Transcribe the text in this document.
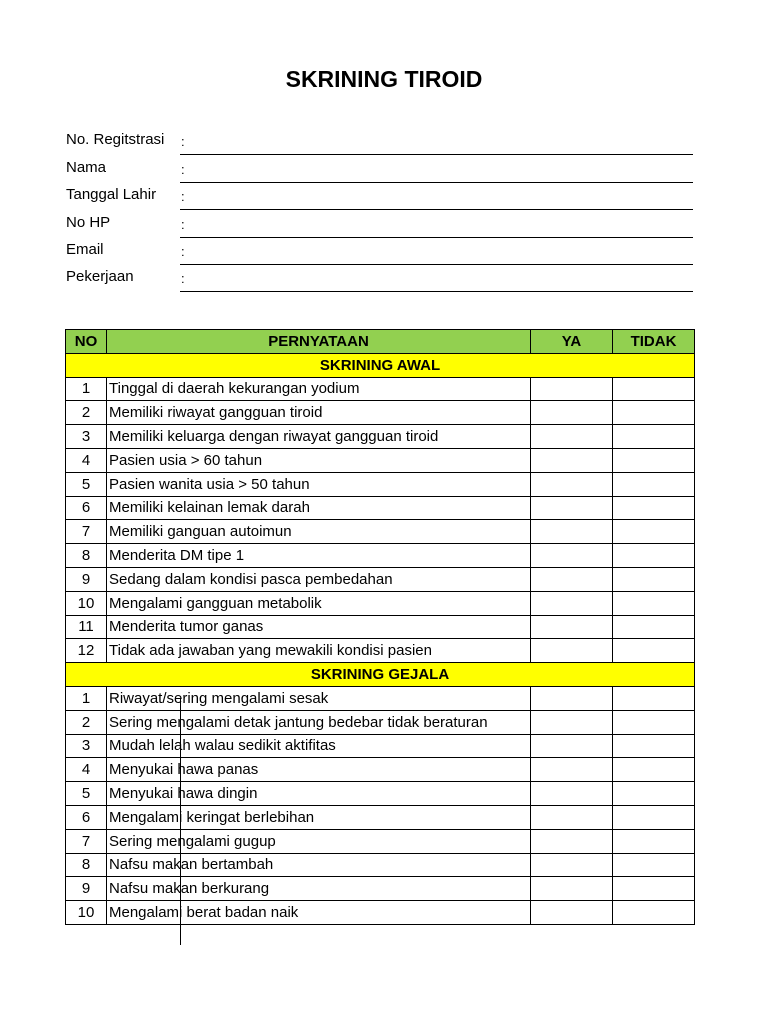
SKRINING TIROID
No. Regitstrasi :
Nama	:
Tanggal Lahir :
No HP	:
Email	:
Pekerjaan	:
NO	PERNYATAAN	YA	TIDAK
SKRINING AWAL			
1	Tinggal di daerah kekurangan yodium		
2	Memiliki riwayat gangguan tiroid		
3	Memiliki keluarga dengan riwayat gangguan tiroid		
4	Pasien usia > 60 tahun		
5	Pasien wanita usia > 50 tahun		
6	Memiliki kelainan lemak darah		
7	Memiliki ganguan autoimun		
8	Menderita DM tipe 1		
9	Sedang dalam kondisi pasca pembedahan		
10	Mengalami gangguan metabolik		
11	Menderita tumor ganas		
12	Tidak ada jawaban yang mewakili kondisi pasien		
SKRINING GEJALA			
1	Riwayat/sering mengalami sesak		
2	Sering mengalami detak jantung bedebar tidak beraturan		
3	Mudah lelah walau sedikit aktifitas		
4	Menyukai hawa panas		
5	Menyukai hawa dingin		
6	Mengalami keringat berlebihan		
7	Sering mengalami gugup		
8	Nafsu makan bertambah		
9	Nafsu makan berkurang		
10	Mengalami berat badan naik		
